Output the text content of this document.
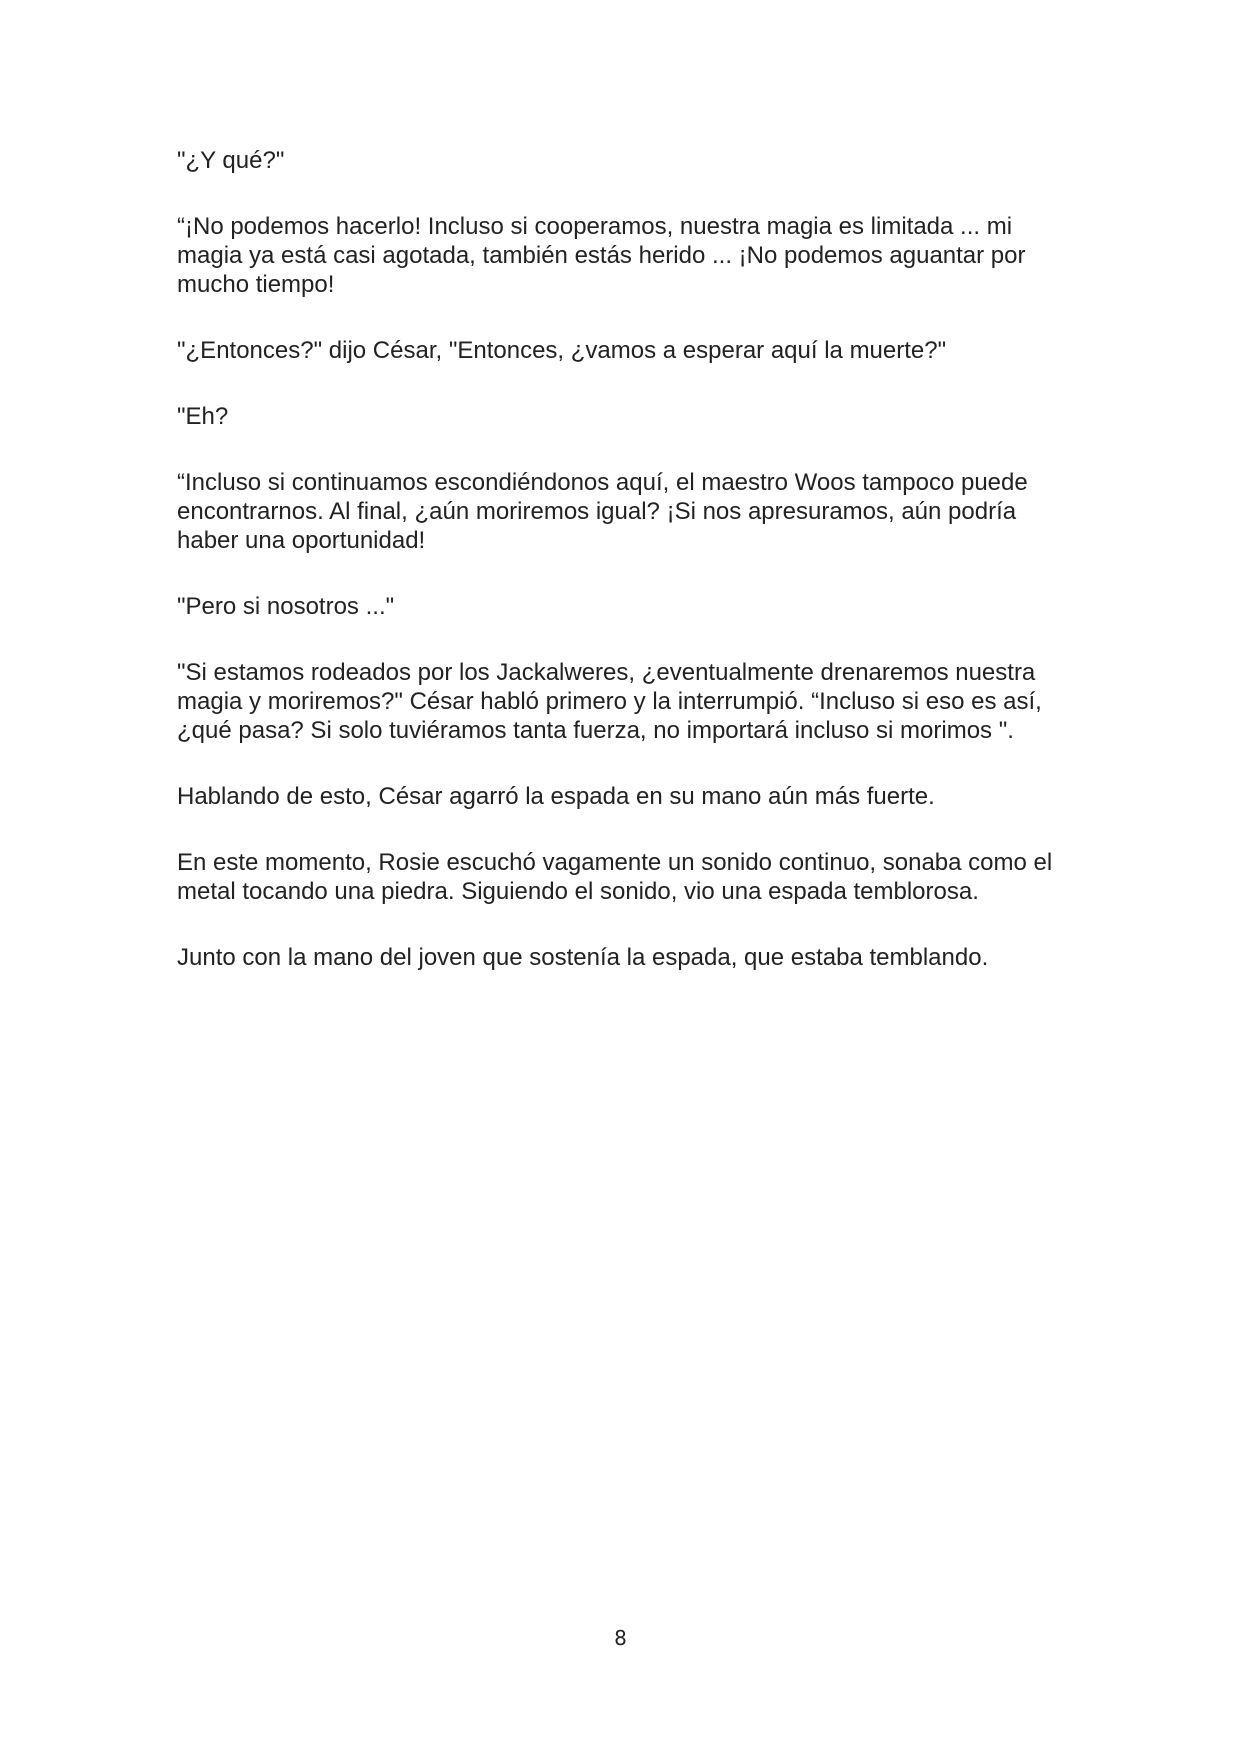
"¿Y qué?"

“¡No podemos hacerlo! Incluso si cooperamos, nuestra magia es limitada ... mi magia ya está casi agotada, también estás herido ... ¡No podemos aguantar por mucho tiempo!

"¿Entonces?" dijo César, "Entonces, ¿vamos a esperar aquí la muerte?"

"Eh?

“Incluso si continuamos escondiéndonos aquí, el maestro Woos tampoco puede encontrarnos. Al final, ¿aún moriremos igual? ¡Si nos apresuramos, aún podría haber una oportunidad!

"Pero si nosotros ..."

"Si estamos rodeados por los Jackalweres, ¿eventualmente drenaremos nuestra magia y moriremos?" César habló primero y la interrumpió. “Incluso si eso es así, ¿qué pasa? Si solo tuviéramos tanta fuerza, no importará incluso si morimos ".

Hablando de esto, César agarró la espada en su mano aún más fuerte.

En este momento, Rosie escuchó vagamente un sonido continuo, sonaba como el metal tocando una piedra. Siguiendo el sonido, vio una espada temblorosa.

Junto con la mano del joven que sostenía la espada, que estaba temblando.

8
